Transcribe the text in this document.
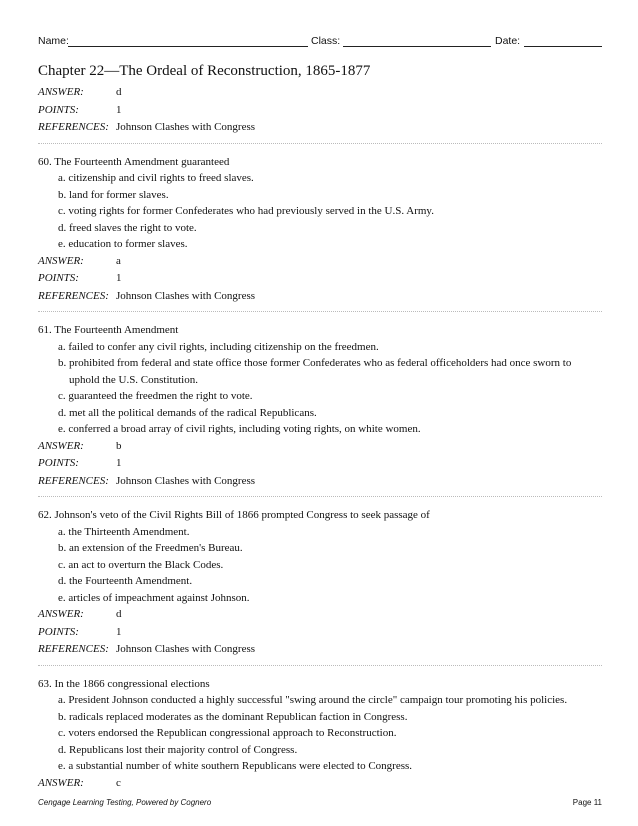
Name:	Class:	Date:
Chapter 22—The Ordeal of Reconstruction, 1865-1877
ANSWER:	d
POINTS:	1
REFERENCES: Johnson Clashes with Congress
60. The Fourteenth Amendment guaranteed
a. citizenship and civil rights to freed slaves.
b. land for former slaves.
c. voting rights for former Confederates who had previously served in the U.S. Army.
d. freed slaves the right to vote.
e. education to former slaves.
ANSWER:	a
POINTS:	1
REFERENCES: Johnson Clashes with Congress
61. The Fourteenth Amendment
a. failed to confer any civil rights, including citizenship on the freedmen.
b. prohibited from federal and state office those former Confederates who as federal officeholders had once sworn to uphold the U.S. Constitution.
c. guaranteed the freedmen the right to vote.
d. met all the political demands of the radical Republicans.
e. conferred a broad array of civil rights, including voting rights, on white women.
ANSWER:	b
POINTS:	1
REFERENCES: Johnson Clashes with Congress
62. Johnson's veto of the Civil Rights Bill of 1866 prompted Congress to seek passage of
a. the Thirteenth Amendment.
b. an extension of the Freedmen's Bureau.
c. an act to overturn the Black Codes.
d. the Fourteenth Amendment.
e. articles of impeachment against Johnson.
ANSWER:	d
POINTS:	1
REFERENCES: Johnson Clashes with Congress
63. In the 1866 congressional elections
a. President Johnson conducted a highly successful "swing around the circle" campaign tour promoting his policies.
b. radicals replaced moderates as the dominant Republican faction in Congress.
c. voters endorsed the Republican congressional approach to Reconstruction.
d. Republicans lost their majority control of Congress.
e. a substantial number of white southern Republicans were elected to Congress.
ANSWER:	c
Cengage Learning Testing, Powered by Cognero	Page 11
